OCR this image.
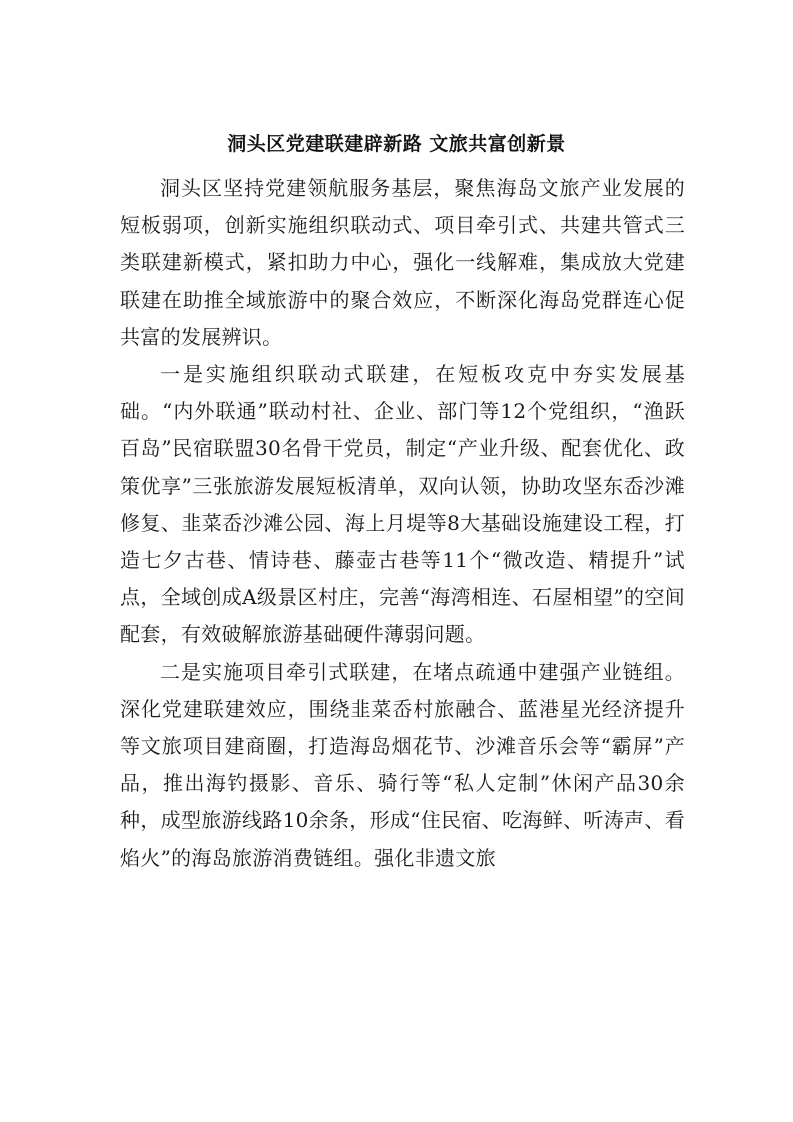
洞头区党建联建辟新路 文旅共富创新景

洞头区坚持党建领航服务基层，聚焦海岛文旅产业发展的短板弱项，创新实施组织联动式、项目牵引式、共建共管式三类联建新模式，紧扣助力中心，强化一线解难，集成放大党建联建在助推全域旅游中的聚合效应，不断深化海岛党群连心促共富的发展辨识。

一是实施组织联动式联建，在短板攻克中夯实发展基础。“内外联通”联动村社、企业、部门等12个党组织，“渔跃百岛”民宿联盟30名骨干党员，制定“产业升级、配套优化、政策优享”三张旅游发展短板清单，双向认领，协助攻坚东岙沙滩修复、韭菜岙沙滩公园、海上月堤等8大基础设施建设工程，打造七夕古巷、情诗巷、藤壶古巷等11个“微改造、精提升”试点，全域创成A级景区村庄，完善“海湾相连、石屋相望”的空间配套，有效破解旅游基础硬件薄弱问题。

二是实施项目牵引式联建，在堵点疏通中建强产业链组。深化党建联建效应，围绕韭菜岙村旅融合、蓝港星光经济提升等文旅项目建商圈，打造海岛烟花节、沙滩音乐会等“霸屏”产品，推出海钓摄影、音乐、骑行等“私人定制”休闲产品30余种，成型旅游线路10余条，形成“住民宿、吃海鲜、听涛声、看焰火”的海岛旅游消费链组。强化非遗文旅
